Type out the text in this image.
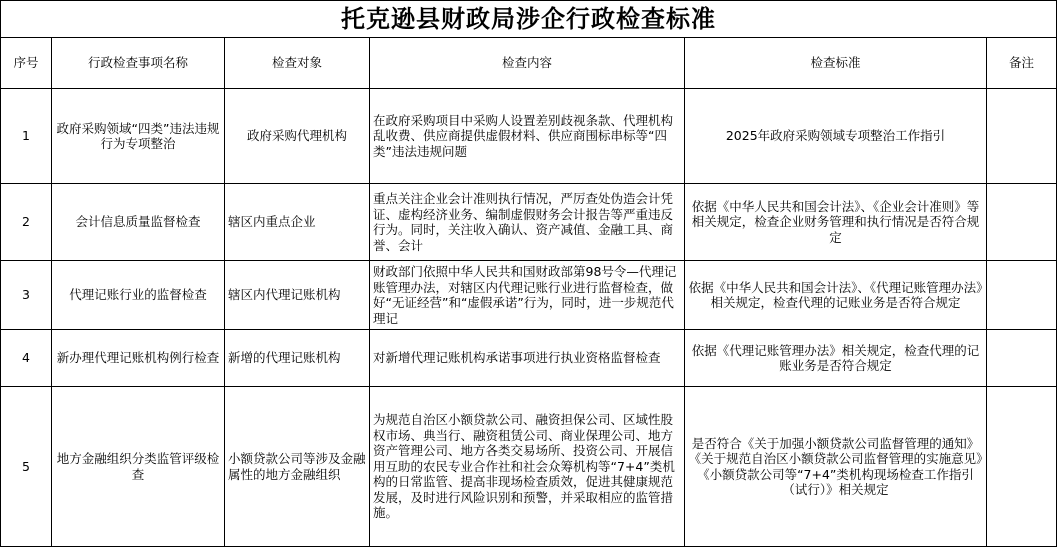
托克逊县财政局涉企行政检查标准					
序号	行政检查事项名称	检查对象	检查内容	检查标准	备注
1	政府采购领域“四类”违法违规行为专项整治	政府采购代理机构	在政府采购项目中采购人设置差别歧视条款、代理机构乱收费、供应商提供虚假材料、供应商围标串标等“四类”违法违规问题	2025年政府采购领域专项整治工作指引	
2	会计信息质量监督检查	辖区内重点企业	重点关注企业会计准则执行情况，严厉查处伪造会计凭证、虚构经济业务、编制虚假财务会计报告等严重违反行为。同时，关注收入确认、资产减值、金融工具、商誉、会计	依据《中华人民共和国会计法》、《企业会计准则》等相关规定，检查企业财务管理和执行情况是否符合规定	
3	代理记账行业的监督检查	辖区内代理记账机构	财政部门依照中华人民共和国财政部第98号令—代理记账管理办法，对辖区内代理记账行业进行监督检查，做好“无证经营”和“虚假承诺”行为，同时，进一步规范代理记	依据《中华人民共和国会计法》、《代理记账管理办法》相关规定，检查代理的记账业务是否符合规定	
4	新办理代理记账机构例行检查	新增的代理记账机构	对新增代理记账机构承诺事项进行执业资格监督检查	依据《代理记账管理办法》相关规定，检查代理的记账业务是否符合规定	
5	地方金融组织分类监管评级检查	小额贷款公司等涉及金融属性的地方金融组织	为规范自治区小额贷款公司、融资担保公司、区域性股权市场、典当行、融资租赁公司、商业保理公司、地方资产管理公司、地方各类交易场所、投资公司、开展信用互助的农民专业合作社和社会众筹机构等“7+4”类机构的日常监管、提高非现场检查质效，促进其健康规范发展，及时进行风险识别和预警，并采取相应的监管措施。	是否符合《关于加强小额贷款公司监督管理的通知》《关于规范自治区小额贷款公司监督管理的实施意见》《小额贷款公司等“7+4”类机构现场检查工作指引（试行）》相关规定	
